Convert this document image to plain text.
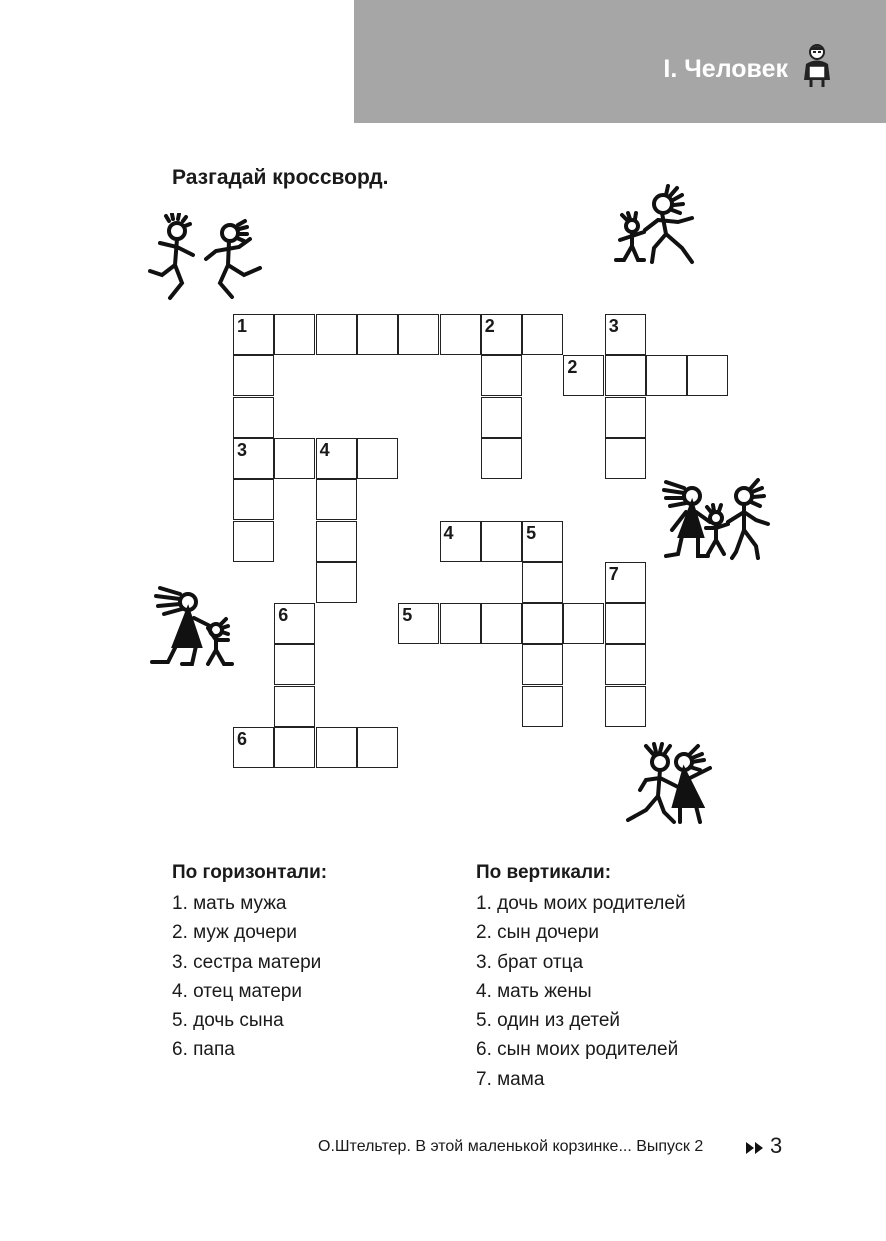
I. Человек
Разгадай кроссворд.
1	2	3
2
3	4
4	5
7
6	5
6
По горизонтали:
1. мать мужа
2. муж дочери
3. сестра матери
4. отец матери
5. дочь сына
6. папа
По вертикали:
1. дочь моих родителей
2. сын дочери
3. брат отца
4. мать жены
5. один из детей
6. сын моих родителей
7. мама
О.Штельтер. В этой маленькой корзинке... Выпуск 2	3
